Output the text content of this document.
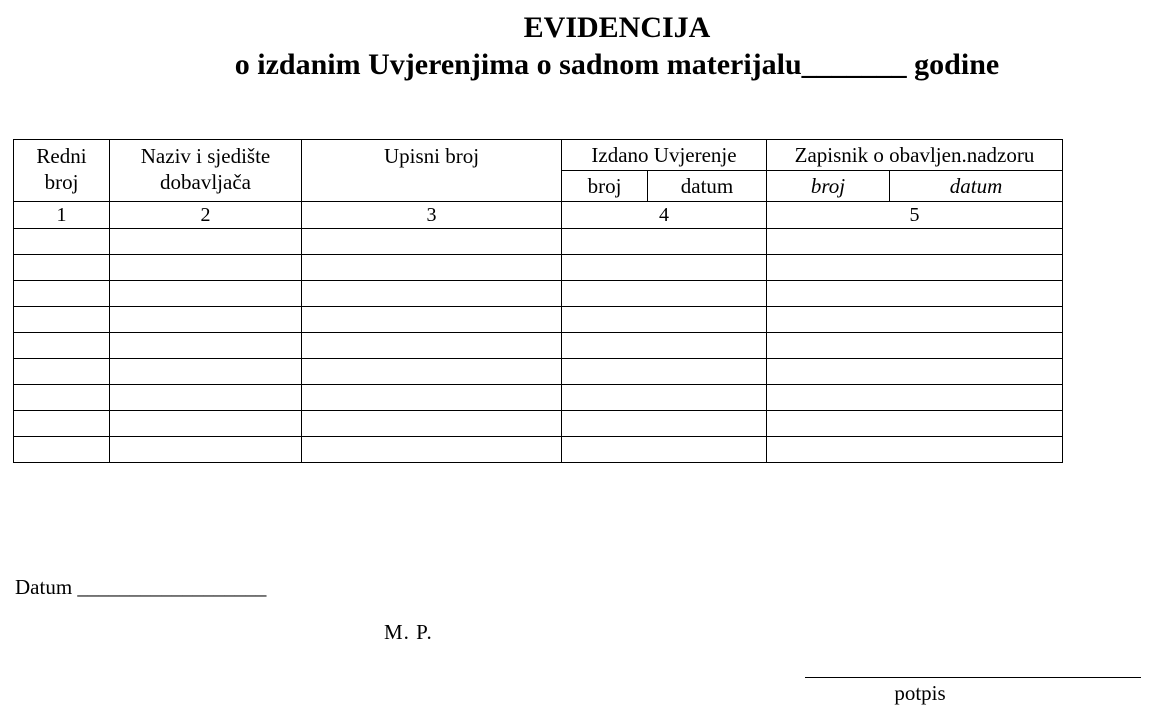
EVIDENCIJA
o izdanim Uvjerenjima o sadnom materijalu_______ godine
Redni broj	Naziv i sjedište dobavljača	Upisni broj	Izdano Uvjerenje		Zapisnik o obavljen.nadzoru	
			broj	datum	broj	datum
1	2	3	4		5	

Datum __________________
M. P.
potpis
